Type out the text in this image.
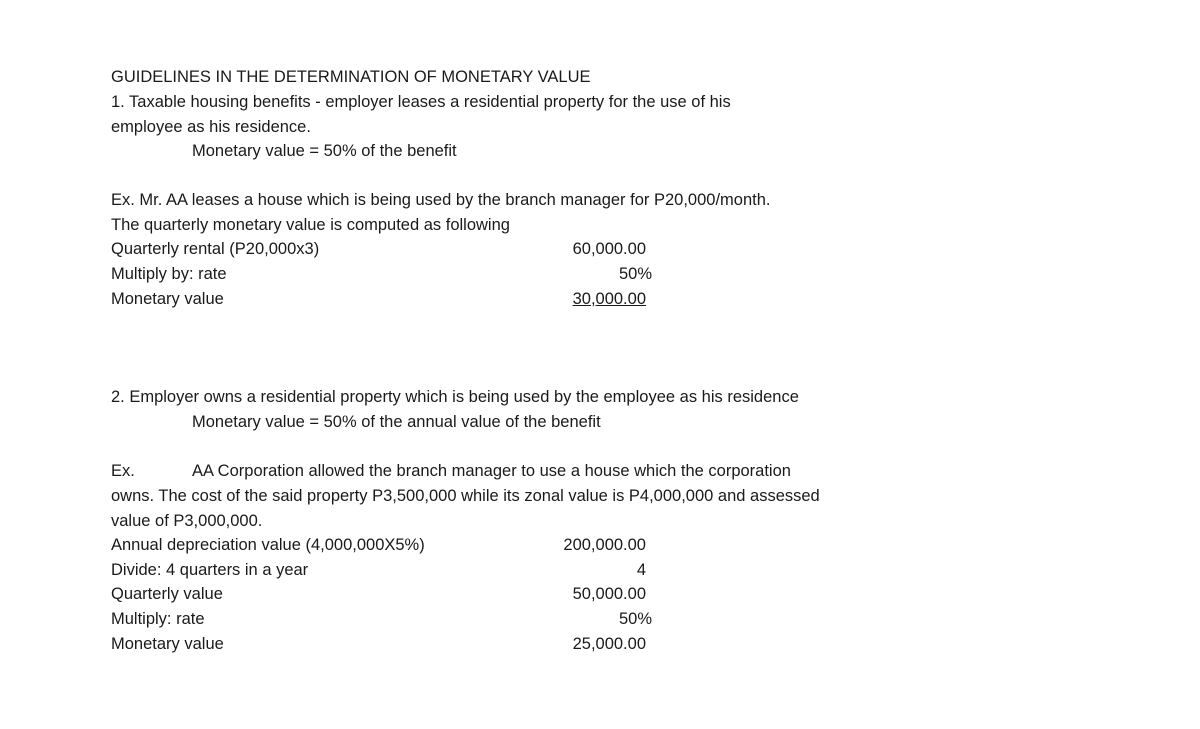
GUIDELINES IN THE DETERMINATION OF MONETARY VALUE
1. Taxable housing benefits - employer leases a residential property for the use of his
employee as his residence.
Monetary value = 50% of the benefit
Ex. Mr. AA leases a house which is being used by the branch manager for P20,000/month.
The quarterly monetary value is computed as following
Quarterly rental (P20,000x3)	60,000.00
Multiply by: rate	50%
Monetary value	30,000.00
2. Employer owns a residential property which is being used by the employee as his residence
Monetary value = 50% of the annual value of the benefit
Ex.	AA Corporation allowed the branch manager to use a house which the corporation
owns. The cost of the said property P3,500,000 while its zonal value is P4,000,000 and assessed
value of P3,000,000.
Annual depreciation value (4,000,000X5%)	200,000.00
Divide: 4 quarters in a year	4
Quarterly value	50,000.00
Multiply: rate	50%
Monetary value	25,000.00
